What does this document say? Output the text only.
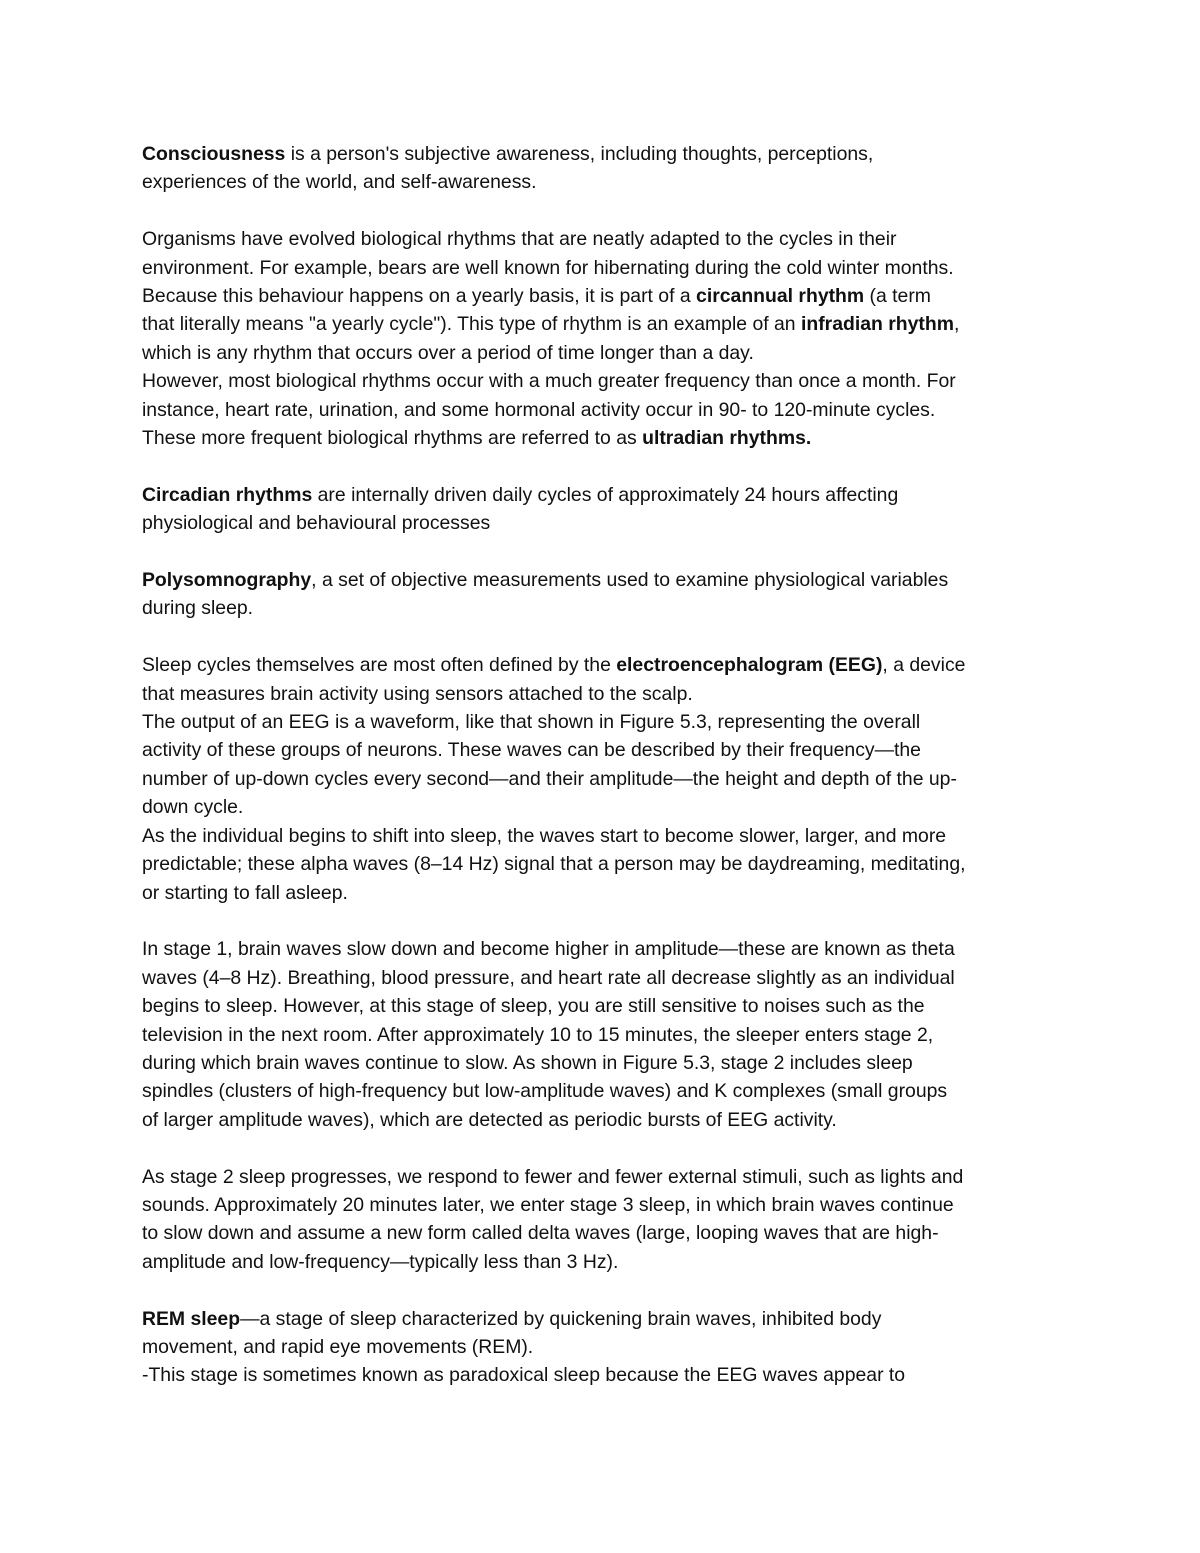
Consciousness is a person's subjective awareness, including thoughts, perceptions,
experiences of the world, and self-awareness.

Organisms have evolved biological rhythms that are neatly adapted to the cycles in their
environment. For example, bears are well known for hibernating during the cold winter months.
Because this behaviour happens on a yearly basis, it is part of a circannual rhythm (a term
that literally means "a yearly cycle"). This type of rhythm is an example of an infradian rhythm,
which is any rhythm that occurs over a period of time longer than a day.

However, most biological rhythms occur with a much greater frequency than once a month. For
instance, heart rate, urination, and some hormonal activity occur in 90- to 120-minute cycles.
These more frequent biological rhythms are referred to as ultradian rhythms.

Circadian rhythms are internally driven daily cycles of approximately 24 hours affecting
physiological and behavioural processes

Polysomnography, a set of objective measurements used to examine physiological variables
during sleep.

Sleep cycles themselves are most often defined by the electroencephalogram (EEG), a device
that measures brain activity using sensors attached to the scalp.

The output of an EEG is a waveform, like that shown in Figure 5.3, representing the overall
activity of these groups of neurons. These waves can be described by their frequency—the
number of up-down cycles every second—and their amplitude—the height and depth of the up-
down cycle.

As the individual begins to shift into sleep, the waves start to become slower, larger, and more
predictable; these alpha waves (8–14 Hz) signal that a person may be daydreaming, meditating,
or starting to fall asleep.

In stage 1, brain waves slow down and become higher in amplitude—these are known as theta
waves (4–8 Hz). Breathing, blood pressure, and heart rate all decrease slightly as an individual
begins to sleep. However, at this stage of sleep, you are still sensitive to noises such as the
television in the next room. After approximately 10 to 15 minutes, the sleeper enters stage 2,
during which brain waves continue to slow. As shown in Figure 5.3, stage 2 includes sleep
spindles (clusters of high-frequency but low-amplitude waves) and K complexes (small groups
of larger amplitude waves), which are detected as periodic bursts of EEG activity.

As stage 2 sleep progresses, we respond to fewer and fewer external stimuli, such as lights and
sounds. Approximately 20 minutes later, we enter stage 3 sleep, in which brain waves continue
to slow down and assume a new form called delta waves (large, looping waves that are high-
amplitude and low-frequency—typically less than 3 Hz).

REM sleep—a stage of sleep characterized by quickening brain waves, inhibited body
movement, and rapid eye movements (REM).

-This stage is sometimes known as paradoxical sleep because the EEG waves appear to
